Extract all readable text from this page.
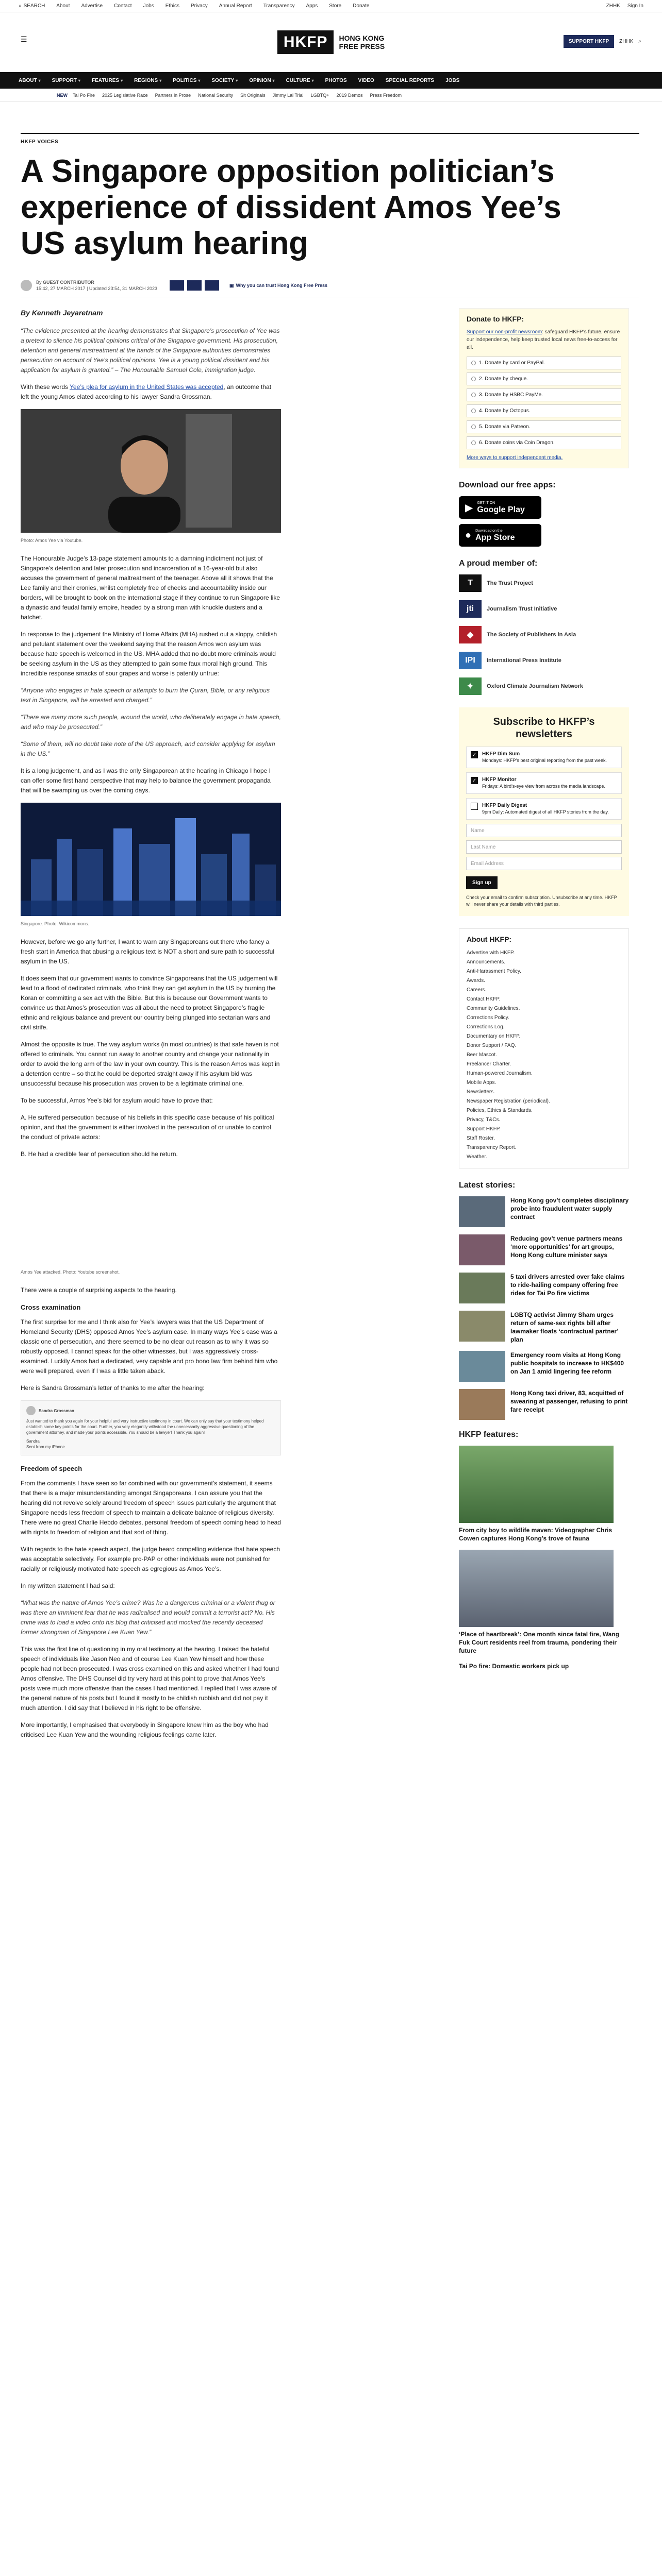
⌕ SEARCH About Advertise Contact Jobs Ethics Privacy Annual Report Transparency Apps Store Donate	ZHHK Sign In
☰	HKFP	HONG KONG
FREE PRESS
SUPPORT HKFP	ZHHK ⌕
ABOUT ▾ SUPPORT ▾ FEATURES ▾ REGIONS ▾ POLITICS ▾ SOCIETY ▾ OPINION ▾ CULTURE ▾ PHOTOS VIDEO SPECIAL REPORTS JOBS
NEW Tai Po Fire 2025 Legislative Race Partners in Prose National Security Sit Originals Jimmy Lai Trial LGBTQ+ 2019 Demos Press Freedom
HKFP VOICES
A Singapore opposition politician’s experience of dissident Amos Yee’s US asylum hearing
By GUEST CONTRIBUTOR
15:42, 27 MARCH 2017 | Updated 23:54, 31 MARCH 2023
▣ Why you can trust Hong Kong Free Press

By Kenneth Jeyaretnam

“The evidence presented at the hearing demonstrates that Singapore’s prosecution of Yee was a pretext to silence his political opinions critical of the Singapore government. His prosecution, detention and general mistreatment at the hands of the Singapore authorities demonstrates persecution on account of Yee’s political opinions. Yee is a young political dissident and his application for asylum is granted.” – The Honourable Samuel Cole, immigration judge.

With these words Yee’s plea for asylum in the United States was accepted, an outcome that left the young Amos elated according to his lawyer Sandra Grossman.

Photo: Amos Yee via Youtube.

The Honourable Judge’s 13-page statement amounts to a damning indictment not just of Singapore’s detention and later prosecution and incarceration of a 16-year-old but also accuses the government of general maltreatment of the teenager. Above all it shows that the Lee family and their cronies, whilst completely free of checks and accountability inside our borders, will be brought to book on the international stage if they continue to run Singapore like a dynastic and feudal family empire, headed by a strong man with knuckle dusters and a hatchet.

In response to the judgement the Ministry of Home Affairs (MHA) rushed out a sloppy, childish and petulant statement over the weekend saying that the reason Amos won asylum was because hate speech is welcomed in the US. MHA added that no doubt more criminals would be seeking asylum in the US as they attempted to gain some faux moral high ground. This incredible response smacks of sour grapes and worse is patently untrue:

“Anyone who engages in hate speech or attempts to burn the Quran, Bible, or any religious text in Singapore, will be arrested and charged.”

“There are many more such people, around the world, who deliberately engage in hate speech, and who may be prosecuted.”

“Some of them, will no doubt take note of the US approach, and consider applying for asylum in the US.”

It is a long judgement, and as I was the only Singaporean at the hearing in Chicago I hope I can offer some first hand perspective that may help to balance the government propaganda that will be swamping us over the coming days.

Singapore. Photo: Wikicommons.

However, before we go any further, I want to warn any Singaporeans out there who fancy a fresh start in America that abusing a religious text is NOT a short and sure path to successful asylum in the US.

It does seem that our government wants to convince Singaporeans that the US judgement will lead to a flood of dedicated criminals, who think they can get asylum in the US by burning the Koran or committing a sex act with the Bible. But this is because our Government wants to convince us that Amos’s prosecution was all about the need to protect Singapore’s fragile ethnic and religious balance and prevent our country being plunged into sectarian wars and civil strife.

Almost the opposite is true. The way asylum works (in most countries) is that safe haven is not offered to criminals. You cannot run away to another country and change your nationality in order to avoid the long arm of the law in your own country. This is the reason Amos was kept in a detention centre – so that he could be deported straight away if his asylum bid was unsuccessful because his prosecution was proven to be a legitimate criminal one.

To be successful, Amos Yee’s bid for asylum would have to prove that:

A. He suffered persecution because of his beliefs in this specific case because of his political opinion, and that the government is either involved in the persecution of or unable to control the conduct of private actors:

B. He had a credible fear of persecution should he return.

Amos Yee attacked. Photo: Youtube screenshot.

There were a couple of surprising aspects to the hearing.

Cross examination

The first surprise for me and I think also for Yee’s lawyers was that the US Department of Homeland Security (DHS) opposed Amos Yee’s asylum case. In many ways Yee’s case was a classic one of persecution, and there seemed to be no clear cut reason as to why it was so robustly opposed. I cannot speak for the other witnesses, but I was aggressively cross-examined. Luckily Amos had a dedicated, very capable and pro bono law firm behind him who were well prepared, even if I was a little taken aback.

Here is Sandra Grossman’s letter of thanks to me after the hearing:

Sandra Grossman
Just wanted to thank you again for your helpful and very instructive testimony in court. We can only say that your testimony helped establish some key points for the court. Further, you very elegantly withstood the unnecessarily aggressive questioning of the government attorney, and made your points accessible. You should be a lawyer! Thank you again!
Sandra
Sent from my iPhone
Freedom of speech

From the comments I have seen so far combined with our government’s statement, it seems that there is a major misunderstanding amongst Singaporeans. I can assure you that the hearing did not revolve solely around freedom of speech issues particularly the argument that Singapore needs less freedom of speech to maintain a delicate balance of religious diversity. There were no great Charlie Hebdo debates, personal freedom of speech coming head to head with rights to freedom of religion and that sort of thing.

With regards to the hate speech aspect, the judge heard compelling evidence that hate speech was acceptable selectively. For example pro-PAP or other individuals were not punished for racially or religiously motivated hate speech as egregious as Amos Yee’s.

In my written statement I had said:

“What was the nature of Amos Yee’s crime? Was he a dangerous criminal or a violent thug or was there an imminent fear that he was radicalised and would commit a terrorist act? No. His crime was to load a video onto his blog that criticised and mocked the recently deceased former strongman of Singapore Lee Kuan Yew.”

This was the first line of questioning in my oral testimony at the hearing. I raised the hateful speech of individuals like Jason Neo and of course Lee Kuan Yew himself and how these people had not been prosecuted. I was cross examined on this and asked whether I had found Amos offensive. The DHS Counsel did try very hard at this point to prove that Amos Yee’s posts were much more offensive than the cases I had mentioned. I replied that I was aware of the general nature of his posts but I found it mostly to be childish rubbish and did not pay it much attention. I did say that I believed in his right to be offensive.

More importantly, I emphasised that everybody in Singapore knew him as the boy who had criticised Lee Kuan Yew and the wounding religious feelings came later.

Donate to HKFP:

Support our non-profit newsroom: safeguard HKFP’s future, ensure our independence, help keep trusted local news free-to-access for all.

1. Donate by card or PayPal.
2. Donate by cheque.
3. Donate by HSBC PayMe.
4. Donate by Octopus.
5. Donate via Patreon.
6. Donate coins via Coin Dragon.
More ways to support independent media.
Download our free apps:
▶ GET IT ON
Google Play
● Download on the
App Store
A proud member of:
T	The Trust Project
jti	Journalism Trust Initiative
◆	The Society of Publishers in Asia
IPI	International Press Institute
✦	Oxford Climate Journalism Network
Subscribe to HKFP’s newsletters
✓ HKFP Dim Sum
Mondays: HKFP’s best original reporting from the past week.
✓ HKFP Monitor
Fridays: A bird’s-eye view from across the media landscape.
HKFP Daily Digest
9pm Daily: Automated digest of all HKFP stories from the day.
Name
Last Name
Email Address
Sign up
Check your email to confirm subscription. Unsubscribe at any time. HKFP will never share your details with third parties.
About HKFP:
Advertise with HKFP.
Announcements.
Anti-Harassment Policy.
Awards.
Careers.
Contact HKFP.
Community Guidelines.
Corrections Policy.
Corrections Log.
Documentary on HKFP.
Donor Support / FAQ.
Beer Mascot.
Freelancer Charter.
Human-powered Journalism.
Mobile Apps.
Newsletters.
Newspaper Registration (periodical).
Policies, Ethics & Standards.
Privacy, T&Cs.
Support HKFP.
Staff Roster.
Transparency Report.
Weather.
Latest stories:
Hong Kong gov’t completes disciplinary probe into fraudulent water supply contract
Reducing gov’t venue partners means ‘more opportunities’ for art groups, Hong Kong culture minister says
5 taxi drivers arrested over fake claims to ride-hailing company offering free rides for Tai Po fire victims
LGBTQ activist Jimmy Sham urges return of same-sex rights bill after lawmaker floats ‘contractual partner’ plan
Emergency room visits at Hong Kong public hospitals to increase to HK$400 on Jan 1 amid lingering fee reform
Hong Kong taxi driver, 83, acquitted of swearing at passenger, refusing to print fare receipt
HKFP features:
From city boy to wildlife maven: Videographer Chris Cowen captures Hong Kong’s trove of fauna
‘Place of heartbreak’: One month since fatal fire, Wang Fuk Court residents reel from trauma, pondering their future
Tai Po fire: Domestic workers pick up
